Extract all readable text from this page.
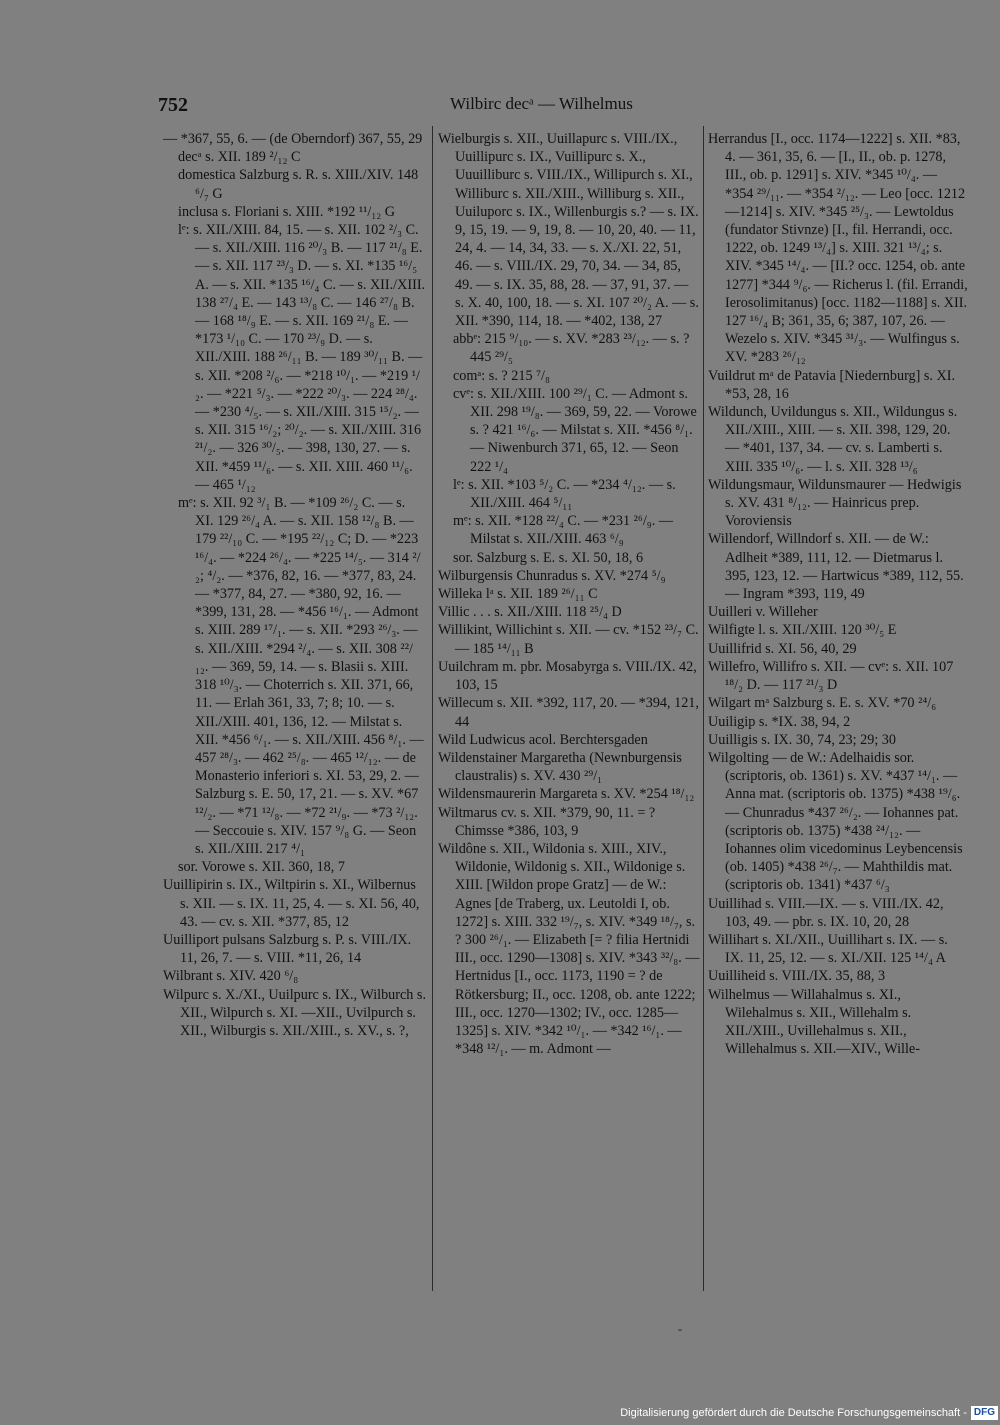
752	Wilbirc decᵃ — Wilhelmus

— *367, 55, 6. — (de Oberndorf) 367, 55, 29

decᵃ s. XII. 189 ²/₁₂ C

domestica Salzburg s. R. s. XIII./XIV. 148 ⁶/₇ G

inclusa s. Floriani s. XIII. *192 ¹¹/₁₂ G

lᵉ: s. XII./XIII. 84, 15. — s. XII. 102 ²/₃ C. — s. XII./XIII. 116 ²⁰/₃ B. — 117 ²¹/₈ E. — s. XII. 117 ²³/₃ D. — s. XI. *135 ¹⁶/₅ A. — s. XII. *135 ¹⁶/₄ C. — s. XII./XIII. 138 ²⁷/₄ E. — 143 ¹³/₈ C. — 146 ²⁷/₈ B. — 168 ¹⁸/₉ E. — s. XII. 169 ²¹/₈ E. — *173 ¹/₁₀ C. — 170 ²³/₉ D. — s. XII./XIII. 188 ²⁶/₁₁ B. — 189 ³⁰/₁₁ B. — s. XII. *208 ²/₆. — *218 ¹⁰/₁. — *219 ¹/₂. — *221 ⁵/₃. — *222 ²⁰/₃. — 224 ²⁸/₄. — *230 ⁴/₅. — s. XII./XIII. 315 ¹⁵/₂. — s. XII. 315 ¹⁶/₂; ²⁰/₂. — s. XII./XIII. 316 ²¹/₂. — 326 ³⁰/₅. — 398, 130, 27. — s. XII. *459 ¹¹/₆. — s. XII. XIII. 460 ¹¹/₆. — 465 ¹/₁₂

mᵉ: s. XII. 92 ³/₁ B. — *109 ²⁶/₂ C. — s. XI. 129 ²⁶/₄ A. — s. XII. 158 ¹²/₈ B. — 179 ²²/₁₀ C. — *195 ²²/₁₂ C; D. — *223 ¹⁶/₄. — *224 ²⁶/₄. — *225 ¹⁴/₅. — 314 ²/₂; ⁴/₂. — *376, 82, 16. — *377, 83, 24. — *377, 84, 27. — *380, 92, 16. — *399, 131, 28. — *456 ¹⁶/₁. — Admont s. XIII. 289 ¹⁷/₁. — s. XII. *293 ²⁶/₃. — s. XII./XIII. *294 ²/₄. — s. XII. 308 ²²/₁₂. — 369, 59, 14. — s. Blasii s. XIII. 318 ¹⁰/₃. — Choterrich s. XII. 371, 66, 11. — Erlah 361, 33, 7; 8; 10. — s. XII./XIII. 401, 136, 12. — Milstat s. XII. *456 ⁶/₁. — s. XII./XIII. 456 ⁸/₁. — 457 ²⁸/₃. — 462 ²⁵/₈. — 465 ¹²/₁₂. — de Monasterio inferiori s. XI. 53, 29, 2. — Salzburg s. E. 50, 17, 21. — s. XV. *67 ¹²/₂. — *71 ¹²/₈. — *72 ²¹/₉. — *73 ²/₁₂. — Seccouie s. XIV. 157 ⁹/₈ G. — Seon s. XII./XIII. 217 ⁴/₁

sor. Vorowe s. XII. 360, 18, 7

Uuillipirin s. IX., Wiltpirin s. XI., Wilbernus s. XII. — s. IX. 11, 25, 4. — s. XI. 56, 40, 43. — cv. s. XII. *377, 85, 12

Uuilliport pulsans Salzburg s. P. s. VIII./IX. 11, 26, 7. — s. VIII. *11, 26, 14

Wilbrant s. XIV. 420 ⁶/₈

Wilpurc s. X./XI., Uuilpurc s. IX., Wilburch s. XII., Wilpurch s. XI. —XII., Uvilpurch s. XII., Wilburgis s. XII./XIII., s. XV., s. ?,

Wielburgis s. XII., Uuillapurc s. VIII./IX., Uuillipurc s. IX., Vuillipurc s. X., Uuuilliburc s. VIII./IX., Willipurch s. XI., Williburc s. XII./XIII., Williburg s. XII., Uuiluporc s. IX., Willenburgis s.? — s. IX. 9, 15, 19. — 9, 19, 8. — 10, 20, 40. — 11, 24, 4. — 14, 34, 33. — s. X./XI. 22, 51, 46. — s. VIII./IX. 29, 70, 34. — 34, 85, 49. — s. IX. 35, 88, 28. — 37, 91, 37. — s. X. 40, 100, 18. — s. XI. 107 ²⁰/₂ A. — s. XII. *390, 114, 18. — *402, 138, 27

abbᵉ: 215 ⁹/₁₀. — s. XV. *283 ²³/₁₂. — s. ? 445 ²⁹/₅

comᵃ: s. ? 215 ⁷/₈

cvᵉ: s. XII./XIII. 100 ²⁹/₁ C. — Admont s. XII. 298 ¹⁹/₈. — 369, 59, 22. — Vorowe s. ? 421 ¹⁶/₆. — Milstat s. XII. *456 ⁸/₁. — Niwenburch 371, 65, 12. — Seon 222 ¹/₄

lᵉ: s. XII. *103 ⁵/₂ C. — *234 ⁴/₁₂. — s. XII./XIII. 464 ⁵/₁₁

mᵉ: s. XII. *128 ²²/₄ C. — *231 ²⁶/₉. — Milstat s. XII./XIII. 463 ⁶/₉

sor. Salzburg s. E. s. XI. 50, 18, 6

Wilburgensis Chunradus s. XV. *274 ⁵/₉

Willeka lᵃ s. XII. 189 ²⁶/₁₁ C

Villic . . . s. XII./XIII. 118 ²⁵/₄ D

Willikint, Willichint s. XII. — cv. *152 ²³/₇ C. — 185 ¹⁴/₁₁ B

Uuilchram m. pbr. Mosabyrga s. VIII./IX. 42, 103, 15

Willecum s. XII. *392, 117, 20. — *394, 121, 44

Wild Ludwicus acol. Berchtersgaden

Wildenstainer Margaretha (Newnburgensis claustralis) s. XV. 430 ²⁹/₁

Wildensmaurerin Margareta s. XV. *254 ¹⁸/₁₂

Wiltmarus cv. s. XII. *379, 90, 11. = ? Chimsse *386, 103, 9

Wildône s. XII., Wildonia s. XIII., XIV., Wildonie, Wildonig s. XII., Wildonige s. XIII. [Wildon prope Gratz] — de W.: Agnes [de Traberg, ux. Leutoldi I, ob. 1272] s. XIII. 332 ¹⁹/₇, s. XIV. *349 ¹⁸/₇, s. ? 300 ²⁶/₁. — Elizabeth [= ? filia Hertnidi III., occ. 1290—1308] s. XIV. *343 ³²/₈. — Hertnidus [I., occ. 1173, 1190 = ? de Rötkersburg; II., occ. 1208, ob. ante 1222; III., occ. 1270—1302; IV., occ. 1285—1325] s. XIV. *342 ¹⁰/₁. — *342 ¹⁶/₁. — *348 ¹²/₁. — m. Admont —

Herrandus [I., occ. 1174—1222] s. XII. *83, 4. — 361, 35, 6. — [I., II., ob. p. 1278, III., ob. p. 1291] s. XIV. *345 ¹⁰/₄. — *354 ²⁹/₁₁. — *354 ²/₁₂. — Leo [occ. 1212—1214] s. XIV. *345 ²⁵/₃. — Lewtoldus (fundator Stivnze) [I., fil. Herrandi, occ. 1222, ob. 1249 ¹³/₄] s. XIII. 321 ¹³/₄; s. XIV. *345 ¹⁴/₄. — [II.? occ. 1254, ob. ante 1277] *344 ⁹/₆. — Richerus l. (fil. Errandi, Ierosolimitanus) [occ. 1182—1188] s. XII. 127 ¹⁶/₄ B; 361, 35, 6; 387, 107, 26. — Wezelo s. XIV. *345 ³¹/₃. — Wulfingus s. XV. *283 ²⁶/₁₂

Vuildrut mᵃ de Patavia [Niedernburg] s. XI. *53, 28, 16

Wildunch, Uvildungus s. XII., Wildungus s. XII./XIII., XIII. — s. XII. 398, 129, 20. — *401, 137, 34. — cv. s. Lamberti s. XIII. 335 ¹⁰/₆. — l. s. XII. 328 ¹³/₆

Wildungsmaur, Wildunsmaurer — Hedwigis s. XV. 431 ⁸/₁₂. — Hainricus prep. Voroviensis

Willendorf, Willndorf s. XII. — de W.: Adlheit *389, 111, 12. — Dietmarus l. 395, 123, 12. — Hartwicus *389, 112, 55. — Ingram *393, 119, 49

Uuilleri v. Willeher

Wilfigte l. s. XII./XIII. 120 ³⁰/₅ E

Uuillifrid s. XI. 56, 40, 29

Willefro, Willifro s. XII. — cvᵉ: s. XII. 107 ¹⁸/₂ D. — 117 ²¹/₃ D

Wilgart mᵃ Salzburg s. E. s. XV. *70 ²⁴/₆

Uuiligip s. *IX. 38, 94, 2

Uuilligis s. IX. 30, 74, 23; 29; 30

Wilgolting — de W.: Adelhaidis sor. (scriptoris, ob. 1361) s. XV. *437 ¹⁴/₁. — Anna mat. (scriptoris ob. 1375) *438 ¹⁹/₆. — Chunradus *437 ²⁶/₂. — Iohannes pat. (scriptoris ob. 1375) *438 ²⁴/₁₂. — Iohannes olim vicedominus Leybencensis (ob. 1405) *438 ²⁶/₇. — Mahthildis mat. (scriptoris ob. 1341) *437 ⁶/₃

Uuillihad s. VIII.—IX. — s. VIII./IX. 42, 103, 49. — pbr. s. IX. 10, 20, 28

Willihart s. XI./XII., Uuillihart s. IX. — s. IX. 11, 25, 12. — s. XI./XII. 125 ¹⁴/₄ A

Uuilliheid s. VIII./IX. 35, 88, 3

Wilhelmus — Willahalmus s. XI., Wilehalmus s. XII., Willehalm s. XII./XIII., Uvillehalmus s. XII., Willehalmus s. XII.—XIV., Wille-

-
Digitalisierung gefördert durch die Deutsche Forschungsgemeinschaft - DFG
